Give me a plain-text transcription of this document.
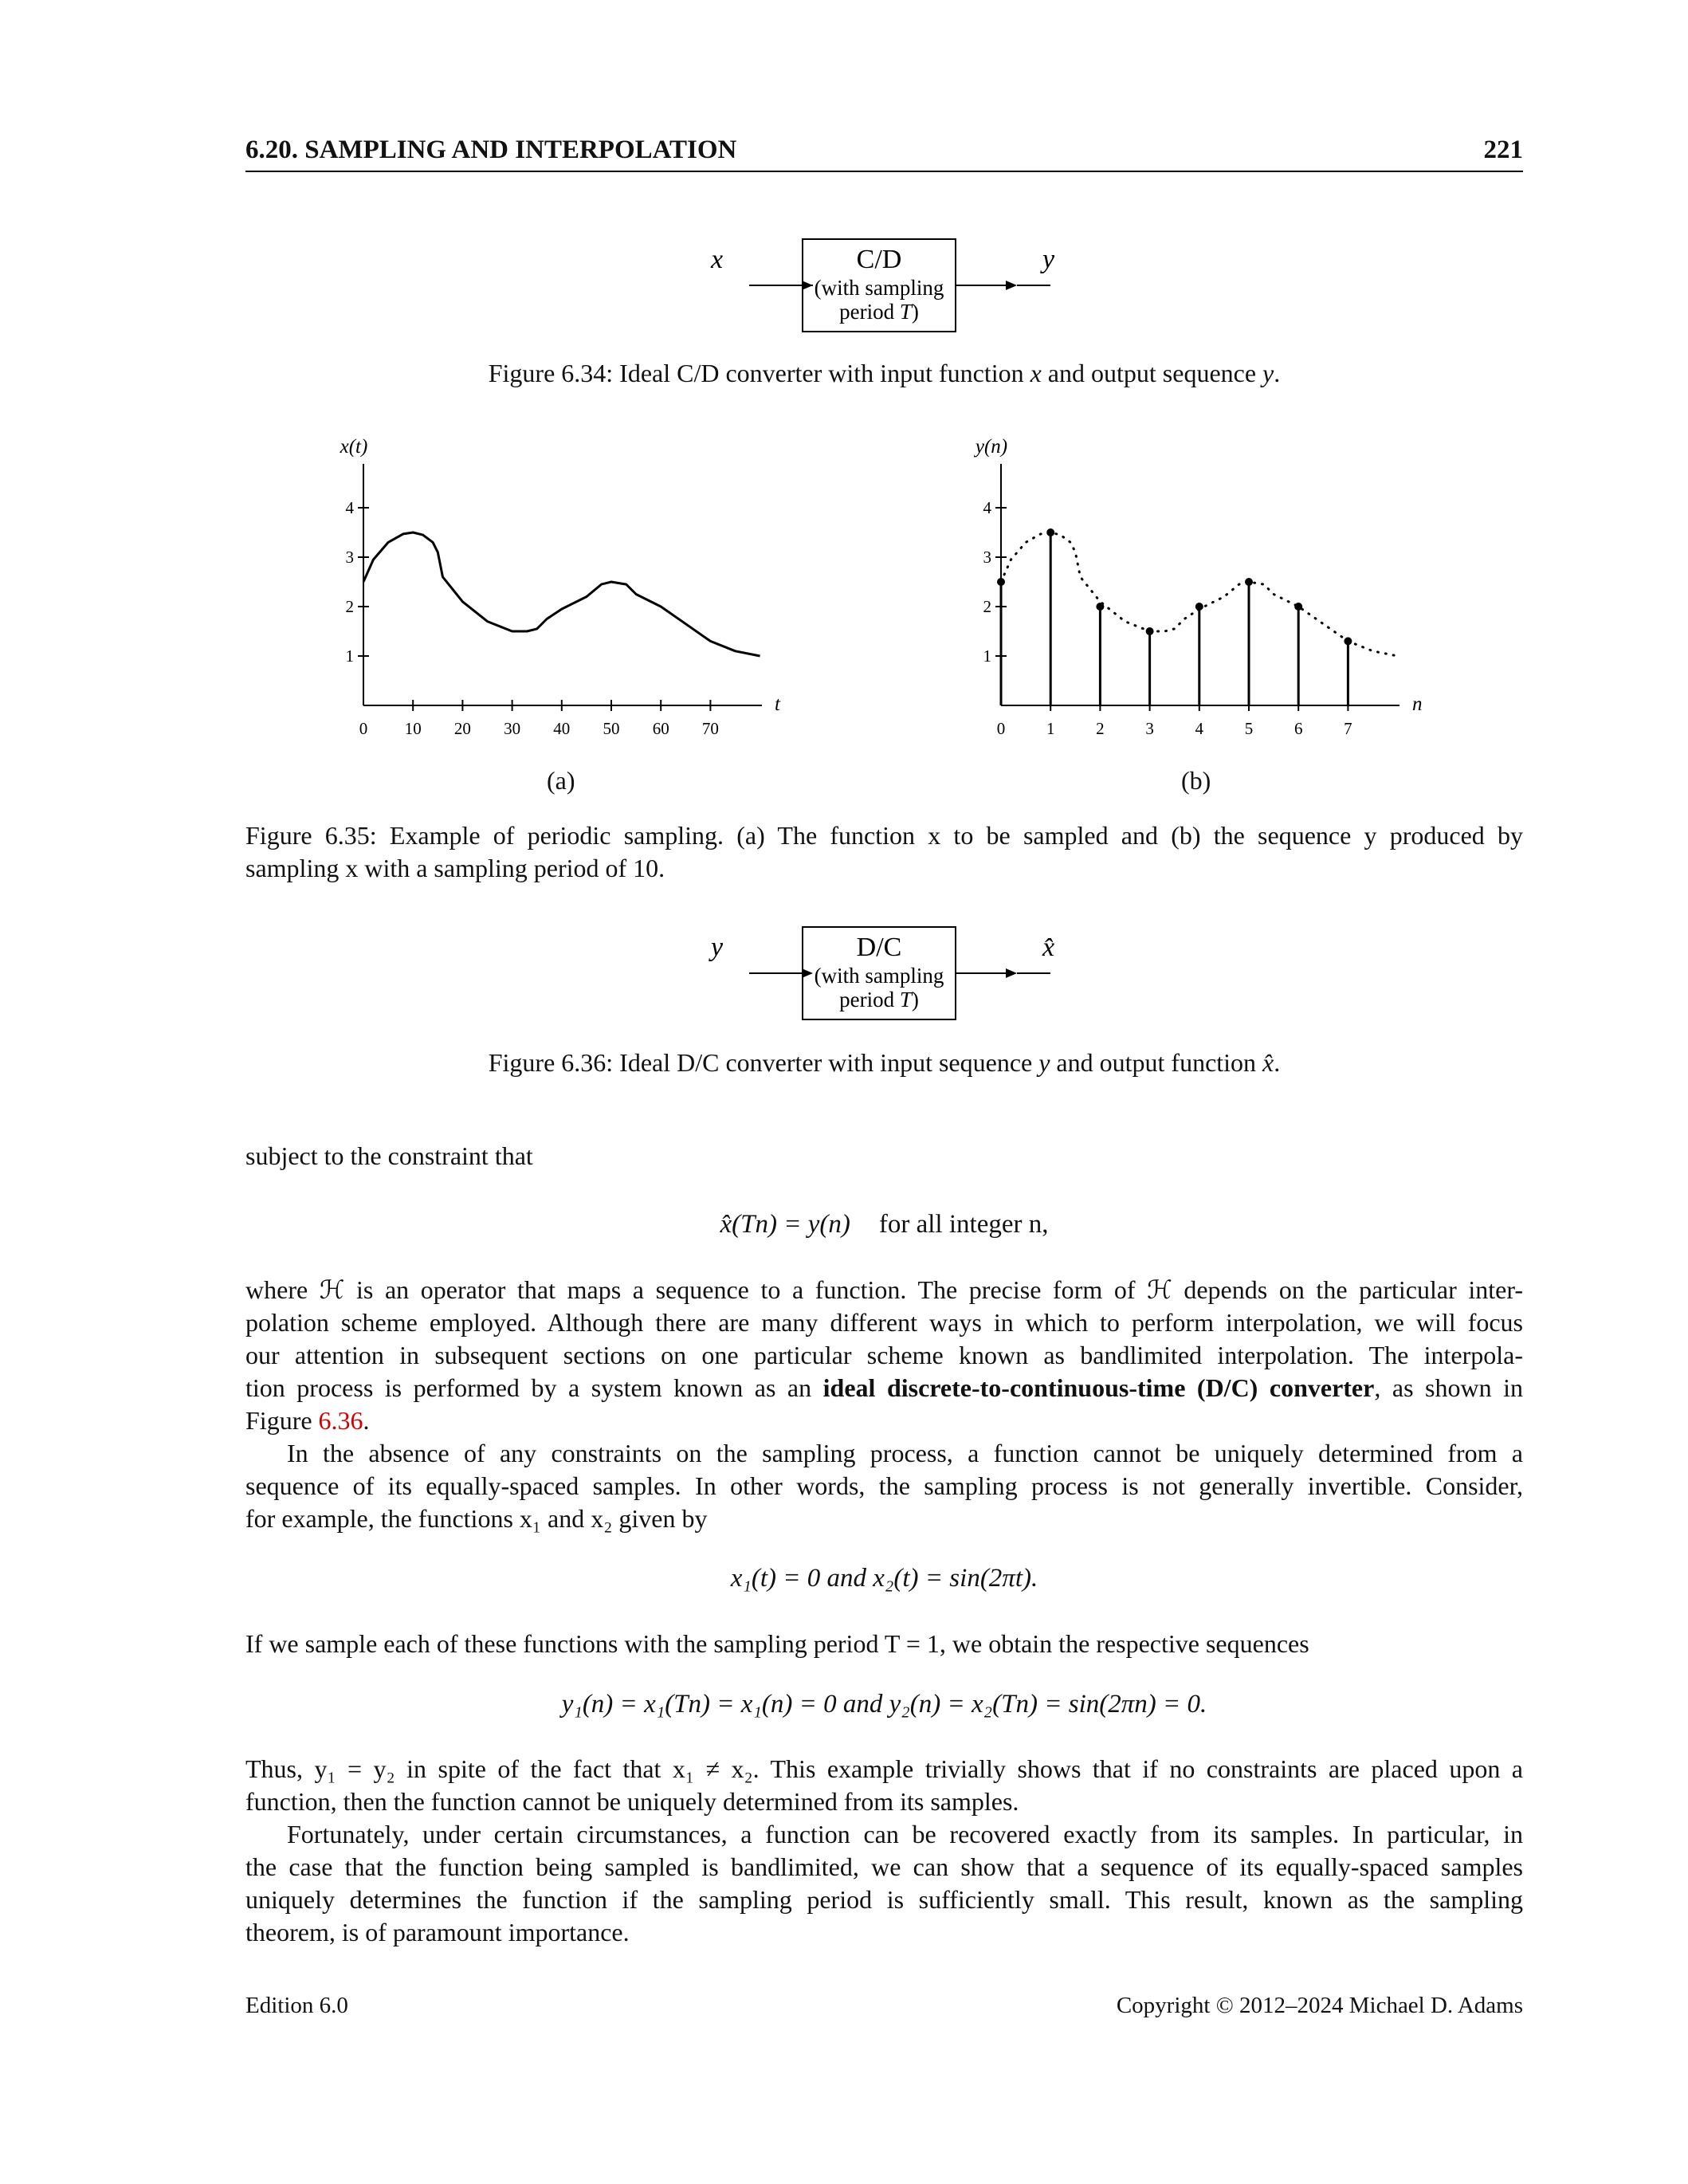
6.20. SAMPLING AND INTERPOLATION	221
x	C/D
(with sampling
period T)
y
Figure 6.34: Ideal C/D converter with input function x and output sequence y.
x(t)
t
1
2
3
4
0 10 20 30 40 50 60 70
y(n)
n
1
2
3
4
0 1 2 3 4 5 6 7
(a)	(b)
Figure 6.35: Example of periodic sampling. (a) The function x to be sampled and (b) the sequence y produced by
sampling x with a sampling period of 10.
y	D/C
(with sampling
period T)
x̂
Figure 6.36: Ideal D/C converter with input sequence y and output function x̂.
subject to the constraint that
x̂(Tn) = y(n) for all integer n,
where ℋ is an operator that maps a sequence to a function. The precise form of ℋ depends on the particular inter-
polation scheme employed. Although there are many different ways in which to perform interpolation, we will focus
our attention in subsequent sections on one particular scheme known as bandlimited interpolation. The interpola-
tion process is performed by a system known as an ideal discrete-to-continuous-time (D/C) converter, as shown in
Figure 6.36.
In the absence of any constraints on the sampling process, a function cannot be uniquely determined from a
sequence of its equally-spaced samples. In other words, the sampling process is not generally invertible. Consider,
for example, the functions x₁ and x₂ given by
x₁(t) = 0 and x₂(t) = sin(2πt).
If we sample each of these functions with the sampling period T = 1, we obtain the respective sequences
y₁(n) = x₁(Tn) = x₁(n) = 0 and y₂(n) = x₂(Tn) = sin(2πn) = 0.
Thus, y₁ = y₂ in spite of the fact that x₁ ≠ x₂. This example trivially shows that if no constraints are placed upon a
function, then the function cannot be uniquely determined from its samples.
Fortunately, under certain circumstances, a function can be recovered exactly from its samples. In particular, in
the case that the function being sampled is bandlimited, we can show that a sequence of its equally-spaced samples
uniquely determines the function if the sampling period is sufficiently small. This result, known as the sampling
theorem, is of paramount importance.
Edition 6.0	Copyright © 2012–2024 Michael D. Adams
